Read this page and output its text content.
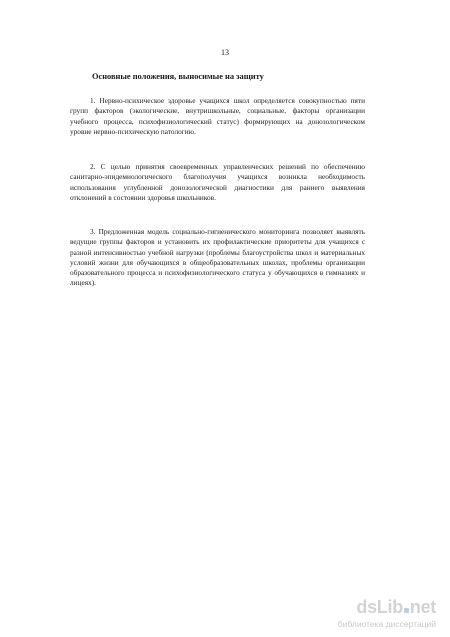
13
Основные положения, выносимые на защиту

1. Нервно-психическое здоровье учащихся школ определяется совокупностью пяти групп факторов (экологические, внутришкольные, социальные, факторы организации учебного процесса, психофизиологический статус) формирующих на донозологическом уровне нервно-психическую патологию.

2. С целью принятия своевременных управленческих решений по обеспечению санитарно-эпидемиологического благополучия учащихся возникла необходимость использования углубленной донозологической диагностики для раннего выявления отклонений в состоянии здоровья школьников.

3. Предложенная модель социально-гигиенического мониторинга позволяет выявлять ведущие группы факторов и установить их профилактические приоритеты для учащихся с разной интенсивностью учебной нагрузки (проблемы благоустройства школ и материальных условий жизни для обучающихся в общеобразовательных школах, проблемы организации образовательного процесса и психофизиологического статуса у обучающихся в гимназиях и лицеях).

dsLib net
библиотека диссертаций
